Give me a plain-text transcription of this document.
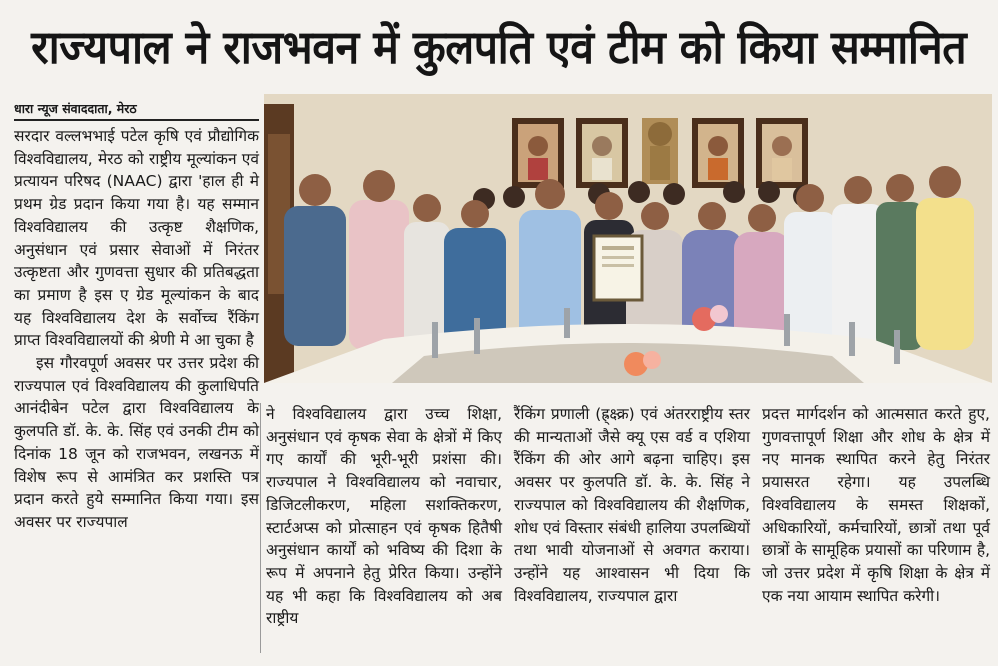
राज्यपाल ने राजभवन में कुलपति एवं टीम को किया सम्मानित
धारा न्यूज संवाददाता, मेरठ

सरदार वल्लभभाई पटेल कृषि एवं प्रौद्योगिक विश्वविद्यालय, मेरठ को राष्ट्रीय मूल्यांकन एवं प्रत्यायन परिषद (NAAC) द्वारा 'हाल ही मे प्रथम ग्रेड प्रदान किया गया है। यह सम्मान विश्वविद्यालय की उत्कृष्ट शैक्षणिक, अनुसंधान एवं प्रसार सेवाओं में निरंतर उत्कृष्टता और गुणवत्ता सुधार की प्रतिबद्धता का प्रमाण है इस ए ग्रेड मूल्यांकन के बाद यह विश्वविद्यालय देश के सर्वोच्च रैंकिंग प्राप्त विश्वविद्यालयों की श्रेणी मे आ चुका है

इस गौरवपूर्ण अवसर पर उत्तर प्रदेश की राज्यपाल एवं विश्वविद्यालय की कुलाधिपति आनंदीबेन पटेल द्वारा विश्वविद्यालय के कुलपति डॉ. के. के. सिंह एवं उनकी टीम को दिनांक 18 जून को राजभवन, लखनऊ में विशेष रूप से आमंत्रित कर प्रशस्ति पत्र प्रदान करते हुये सम्मानित किया गया। इस अवसर पर राज्यपाल

ने विश्वविद्यालय द्वारा उच्च शिक्षा, अनुसंधान एवं कृषक सेवा के क्षेत्रों में किए गए कार्यों की भूरी-भूरी प्रशंसा की। राज्यपाल ने विश्वविद्यालय को नवाचार, डिजिटलीकरण, महिला सशक्तिकरण, स्टार्टअप्स को प्रोत्साहन एवं कृषक हितैषी अनुसंधान कार्यों को भविष्य की दिशा के रूप में अपनाने हेतु प्रेरित किया। उन्होंने यह भी कहा कि विश्वविद्यालय को अब राष्ट्रीय
रैंकिंग प्रणाली (ह्र्क्ष्क्र) एवं अंतरराष्ट्रीय स्तर की मान्यताओं जैसे क्यू एस वर्ड व एशिया रैंकिंग की ओर आगे बढ़ना चाहिए। इस अवसर पर कुलपति डॉ. के. के. सिंह ने राज्यपाल को विश्वविद्यालय की शैक्षणिक, शोध एवं विस्तार संबंधी हालिया उपलब्धियों तथा भावी योजनाओं से अवगत कराया। उन्होंने यह आश्वासन भी दिया कि विश्वविद्यालय, राज्यपाल द्वारा
प्रदत्त मार्गदर्शन को आत्मसात करते हुए, गुणवत्तापूर्ण शिक्षा और शोध के क्षेत्र में नए मानक स्थापित करने हेतु निरंतर प्रयासरत रहेगा। यह उपलब्धि विश्वविद्यालय के समस्त शिक्षकों, अधिकारियों, कर्मचारियों, छात्रों तथा पूर्व छात्रों के सामूहिक प्रयासों का परिणाम है, जो उत्तर प्रदेश में कृषि शिक्षा के क्षेत्र में एक नया आयाम स्थापित करेगी।
